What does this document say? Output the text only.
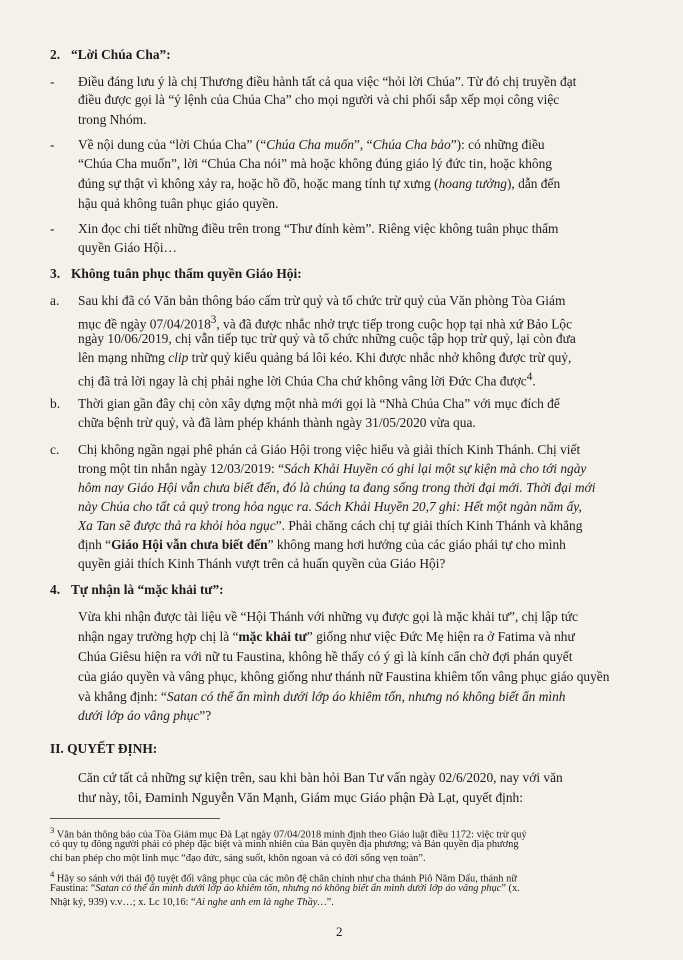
2. “Lời Chúa Cha”:
- Điều đáng lưu ý là chị Thương điều hành tất cả qua việc “hỏi lời Chúa”. Từ đó chị truyền đạt
điều được gọi là “ý lệnh của Chúa Cha” cho mọi người và chi phối sắp xếp mọi công việc
trong Nhóm.
- Về nội dung của “lời Chúa Cha” (“Chúa Cha muốn”, “Chúa Cha bảo”): có những điều
“Chúa Cha muốn”, lời “Chúa Cha nói” mà hoặc không đúng giáo lý đức tin, hoặc không
đúng sự thật vì không xảy ra, hoặc hồ đồ, hoặc mang tính tự xưng (hoang tưởng), dẫn đến
hậu quả không tuân phục giáo quyền.
- Xin đọc chi tiết những điều trên trong “Thư đính kèm”. Riêng việc không tuân phục thẩm
quyền Giáo Hội…
3. Không tuân phục thẩm quyền Giáo Hội:
a. Sau khi đã có Văn bản thông báo cấm trừ quỷ và tổ chức trừ quỷ của Văn phòng Tòa Giám
mục đề ngày 07/04/2018$^3$, và đã được nhắc nhở trực tiếp trong cuộc họp tại nhà xứ Bảo Lộc
ngày 10/06/2019, chị vẫn tiếp tục trừ quỷ và tổ chức những cuộc tập họp trừ quỷ, lại còn đưa
lên mạng những clip trừ quỷ kiểu quảng bá lôi kéo. Khi được nhắc nhở không được trừ quỷ,
chị đã trả lời ngay là chị phải nghe lời Chúa Cha chứ không vâng lời Đức Cha được$^4$.
b. Thời gian gần đây chị còn xây dựng một nhà mới gọi là “Nhà Chúa Cha” với mục đích để
chữa bệnh trừ quỷ, và đã làm phép khánh thành ngày 31/05/2020 vừa qua.
c. Chị không ngần ngại phê phán cả Giáo Hội trong việc hiểu và giải thích Kinh Thánh. Chị viết
trong một tin nhắn ngày 12/03/2019: “Sách Khải Huyền có ghi lại một sự kiện mà cho tới ngày
hôm nay Giáo Hội vẫn chưa biết đến, đó là chúng ta đang sống trong thời đại mới. Thời đại mới
này Chúa cho tất cả quỷ trong hỏa ngục ra. Sách Khải Huyền 20,7 ghi: Hết một ngàn năm ấy,
Xa Tan sẽ được thả ra khỏi hỏa ngục”. Phải chăng cách chị tự giải thích Kinh Thánh và khẳng
định “Giáo Hội vẫn chưa biết đến” không mang hơi hướng của các giáo phái tự cho mình
quyền giải thích Kinh Thánh vượt trên cả huấn quyền của Giáo Hội?
4. Tự nhận là “mặc khải tư”:
Vừa khi nhận được tài liệu về “Hội Thánh với những vụ được gọi là mặc khải tư”, chị lập tức
nhận ngay trường hợp chị là “mặc khải tư” giống như việc Đức Mẹ hiện ra ở Fatima và như
Chúa Giêsu hiện ra với nữ tu Faustina, không hề thấy có ý gì là kính cẩn chờ đợi phán quyết
của giáo quyền và vâng phục, không giống như thánh nữ Faustina khiêm tốn vâng phục giáo quyền
và khẳng định: “Satan có thể ẩn mình dưới lớp áo khiêm tốn, nhưng nó không biết ẩn mình
dưới lớp áo vâng phục”?
II. QUYẾT ĐỊNH:
Căn cứ tất cả những sự kiện trên, sau khi bàn hỏi Ban Tư vấn ngày 02/6/2020, nay với văn
thư này, tôi, Đaminh Nguyễn Văn Mạnh, Giám mục Giáo phận Đà Lạt, quyết định:
$^3$ Văn bản thông báo của Tòa Giám mục Đà Lạt ngày 07/04/2018 minh định theo Giáo luật điều 1172: việc trừ quỷ
có quy tụ đông người phải có phép đặc biệt và minh nhiên của Bản quyền địa phương; và Bản quyền địa phương
chỉ ban phép cho một linh mục “đạo đức, sáng suốt, khôn ngoan và có đời sống vẹn toàn”.
$^4$ Hãy so sánh với thái độ tuyệt đối vâng phục của các môn đệ chân chính như cha thánh Piô Năm Dấu, thánh nữ
Faustina: “Satan có thể ẩn mình dưới lớp áo khiêm tốn, nhưng nó không biết ẩn mình dưới lớp áo vâng phục” (x.
Nhật ký, 939) v.v…; x. Lc 10,16: “Ai nghe anh em là nghe Thầy…”.
2
